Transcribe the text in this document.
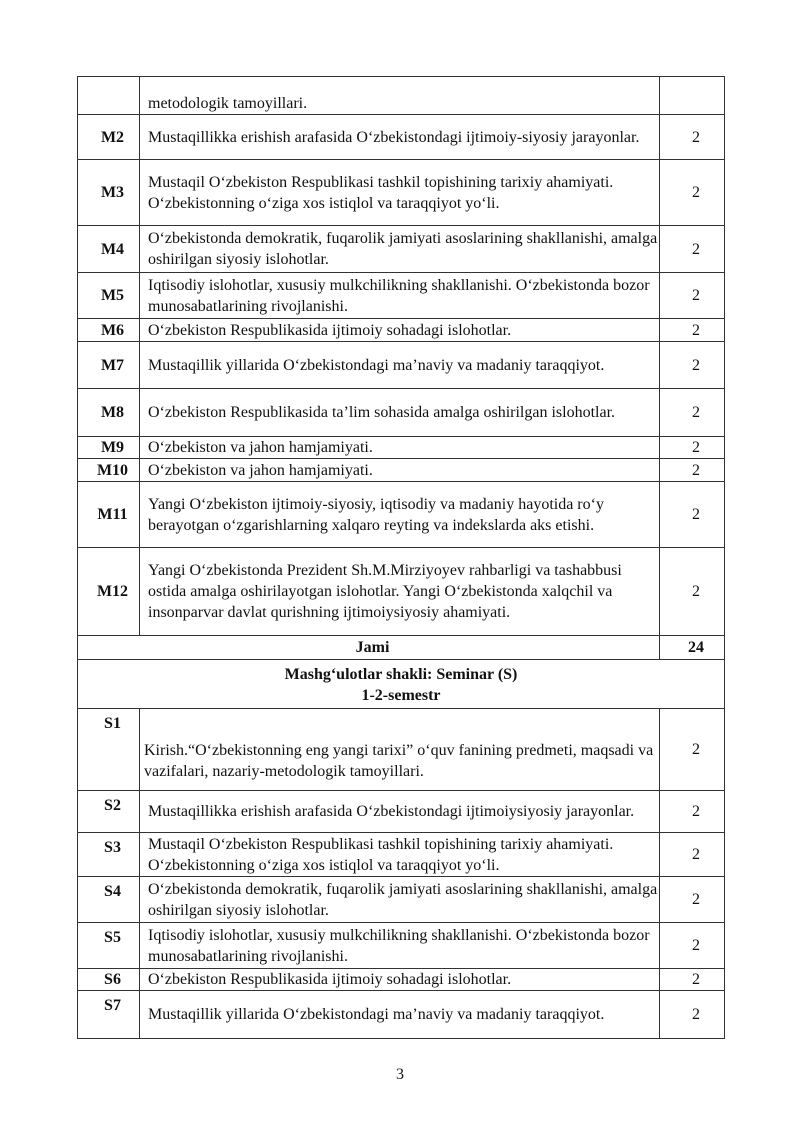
	metodologik tamoyillari.	
M2	Mustaqillikka erishish arafasida O‘zbekistondagi ijtimoiy-siyosiy jarayonlar.	2
M3	Mustaqil O‘zbekiston Respublikasi tashkil topishining tarixiy ahamiyati. O‘zbekistonning o‘ziga xos istiqlol va taraqqiyot yo‘li.	2
M4	O‘zbekistonda demokratik, fuqarolik jamiyati asoslarining shakllanishi, amalga oshirilgan siyosiy islohotlar.	2
M5	Iqtisodiy islohotlar, xususiy mulkchilikning shakllanishi. O‘zbekistonda bozor munosabatlarining rivojlanishi.	2
M6	O‘zbekiston Respublikasida ijtimoiy sohadagi islohotlar.	2
M7	Mustaqillik yillarida O‘zbekistondagi ma’naviy va madaniy taraqqiyot.	2
M8	O‘zbekiston Respublikasida ta’lim sohasida amalga oshirilgan islohotlar.	2
M9	O‘zbekiston va jahon hamjamiyati.	2
M10	O‘zbekiston va jahon hamjamiyati.	2
M11	Yangi O‘zbekiston ijtimoiy-siyosiy, iqtisodiy va madaniy hayotida ro‘y berayotgan o‘zgarishlarning xalqaro reyting va indekslarda aks etishi.	2
M12	Yangi O‘zbekistonda Prezident Sh.M.Mirziyoyev rahbarligi va tashabbusi ostida amalga oshirilayotgan islohotlar. Yangi O‘zbekistonda xalqchil va insonparvar davlat qurishning ijtimoiysiyosiy ahamiyati.	2
Jami		24

Mashg‘ulotlar shakli: Seminar (S)
1-2-semestr		

S1	Kirish.“O‘zbekistonning eng yangi tarixi” o‘quv fanining predmeti, maqsadi va vazifalari, nazariy-metodologik tamoyillari.	2
S2	Mustaqillikka erishish arafasida O‘zbekistondagi ijtimoiysiyosiy jarayonlar.	2
S3	Mustaqil O‘zbekiston Respublikasi tashkil topishining tarixiy ahamiyati. O‘zbekistonning o‘ziga xos istiqlol va taraqqiyot yo‘li.	2
S4	O‘zbekistonda demokratik, fuqarolik jamiyati asoslarining shakllanishi, amalga oshirilgan siyosiy islohotlar.	2
S5	Iqtisodiy islohotlar, xususiy mulkchilikning shakllanishi. O‘zbekistonda bozor munosabatlarining rivojlanishi.	2
S6	O‘zbekiston Respublikasida ijtimoiy sohadagi islohotlar.	2
S7	Mustaqillik yillarida O‘zbekistondagi ma’naviy va madaniy taraqqiyot.	2
3
